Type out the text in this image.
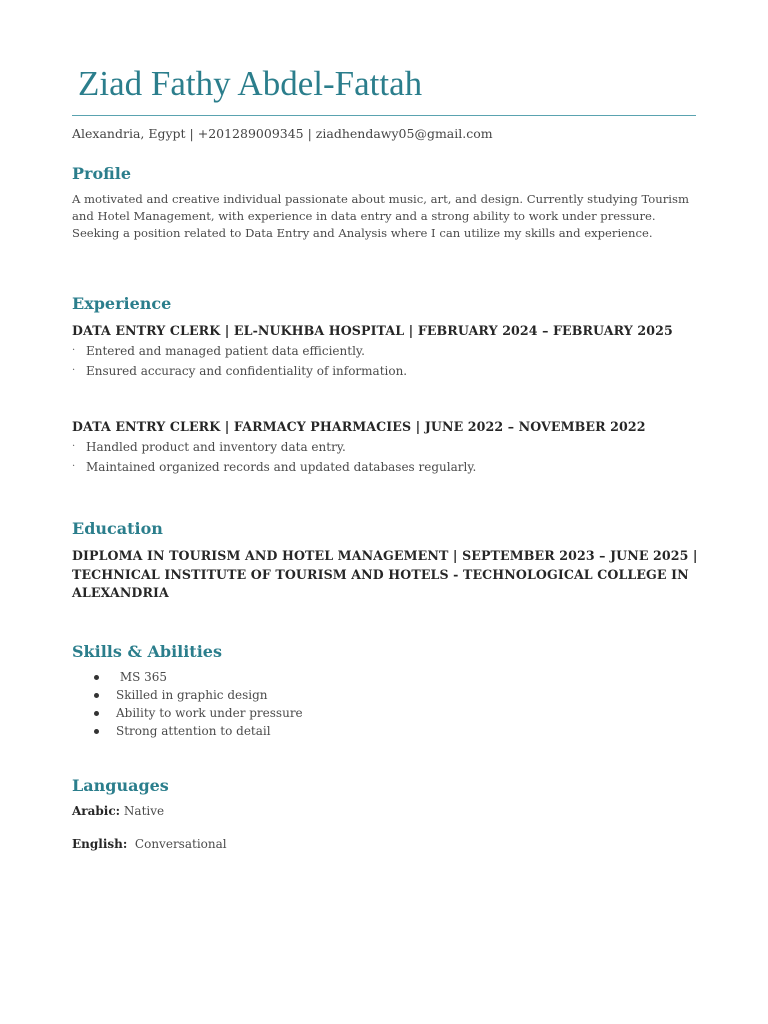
Ziad Fathy Abdel-Fattah
Alexandria, Egypt | +201289009345 | ziadhendawy05@gmail.com
Profile
A motivated and creative individual passionate about music, art, and design. Currently studying Tourism
and Hotel Management, with experience in data entry and a strong ability to work under pressure.
Seeking a position related to Data Entry and Analysis where I can utilize my skills and experience.
Experience
DATA ENTRY CLERK | EL-NUKHBA HOSPITAL | FEBRUARY 2024 – FEBRUARY 2025
· Entered and managed patient data efficiently.
· Ensured accuracy and confidentiality of information.
DATA ENTRY CLERK | FARMACY PHARMACIES | JUNE 2022 – NOVEMBER 2022
· Handled product and inventory data entry.
· Maintained organized records and updated databases regularly.
Education
DIPLOMA IN TOURISM AND HOTEL MANAGEMENT | SEPTEMBER 2023 – JUNE 2025 |
TECHNICAL INSTITUTE OF TOURISM AND HOTELS - TECHNOLOGICAL COLLEGE IN
ALEXANDRIA
Skills & Abilities
MS 365
Skilled in graphic design
Ability to work under pressure
Strong attention to detail
Languages
Arabic: Native
English:  Conversational
